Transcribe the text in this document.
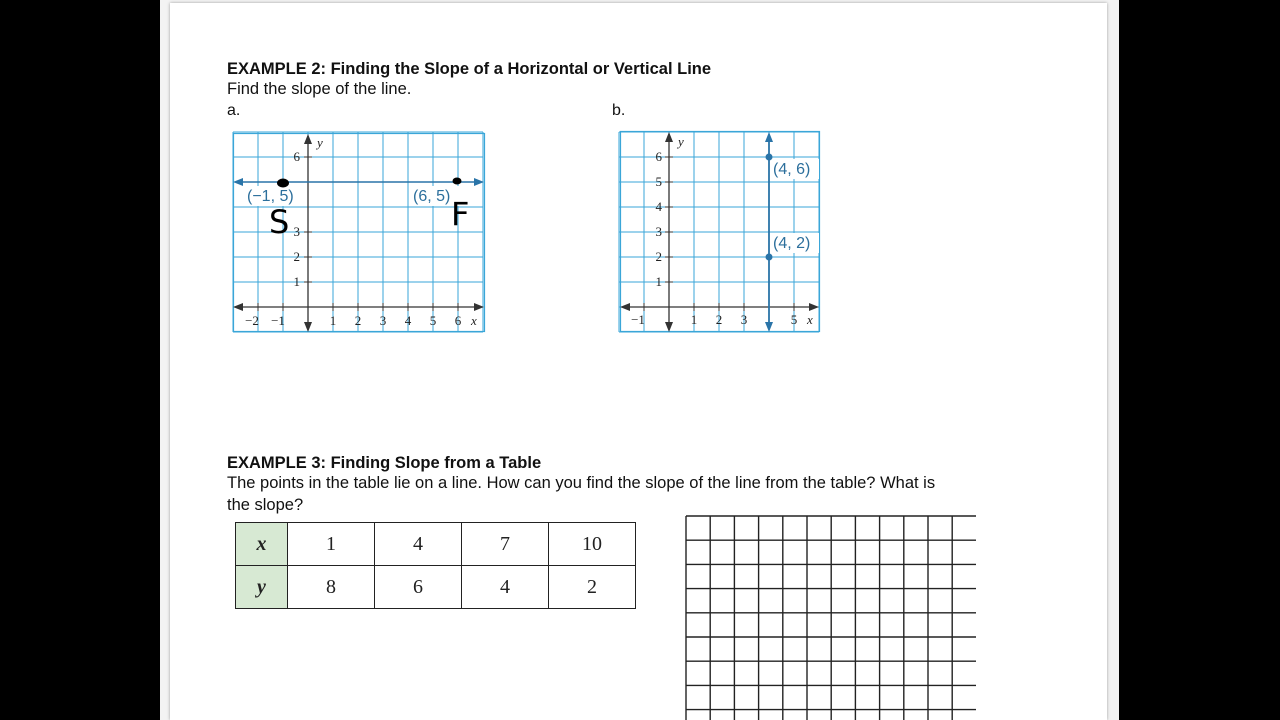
EXAMPLE 2: Finding the Slope of a Horizontal or Vertical Line
Find the slope of the line.
a.	b.
−2 −1	1 2 3 4 5 6 x
y
1
2
3
6
(−1, 5)	(6, 5)
S	F
−1	1 2 3	5 x
y
1
2
3
4
5
6
(4, 6)
(4, 2)
EXAMPLE 3: Finding Slope from a Table
The points in the table lie on a line. How can you find the slope of the line from the table? What is
the slope?
x	1	4	7	10
y	8	6	4	2
